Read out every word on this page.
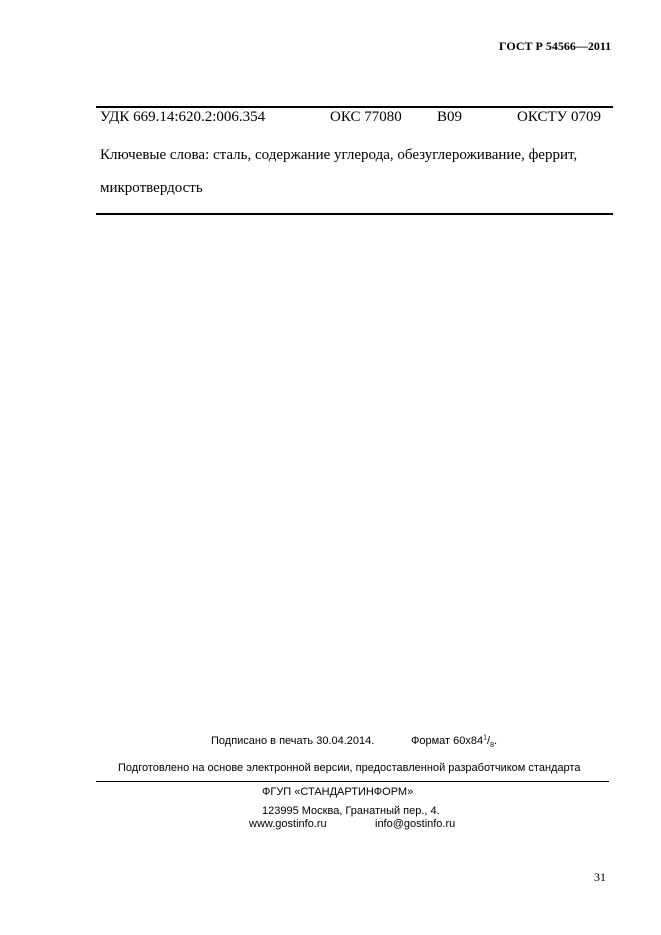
ГОСТ Р 54566—2011
УДК 669.14:620.2:006.354	ОКС 77080 В09	ОКСТУ 0709
Ключевые слова: сталь, содержание углерода, обезуглероживание, феррит,
микротвердость
Подписано в печать 30.04.2014.	Формат $60x84^1/_8$.
Подготовлено на основе электронной версии, предоставленной разработчиком стандарта
ФГУП «СТАНДАРТИНФОРМ»
123995 Москва, Гранатный пер., 4.
www.gostinfo.ru	info@gostinfo.ru
31
